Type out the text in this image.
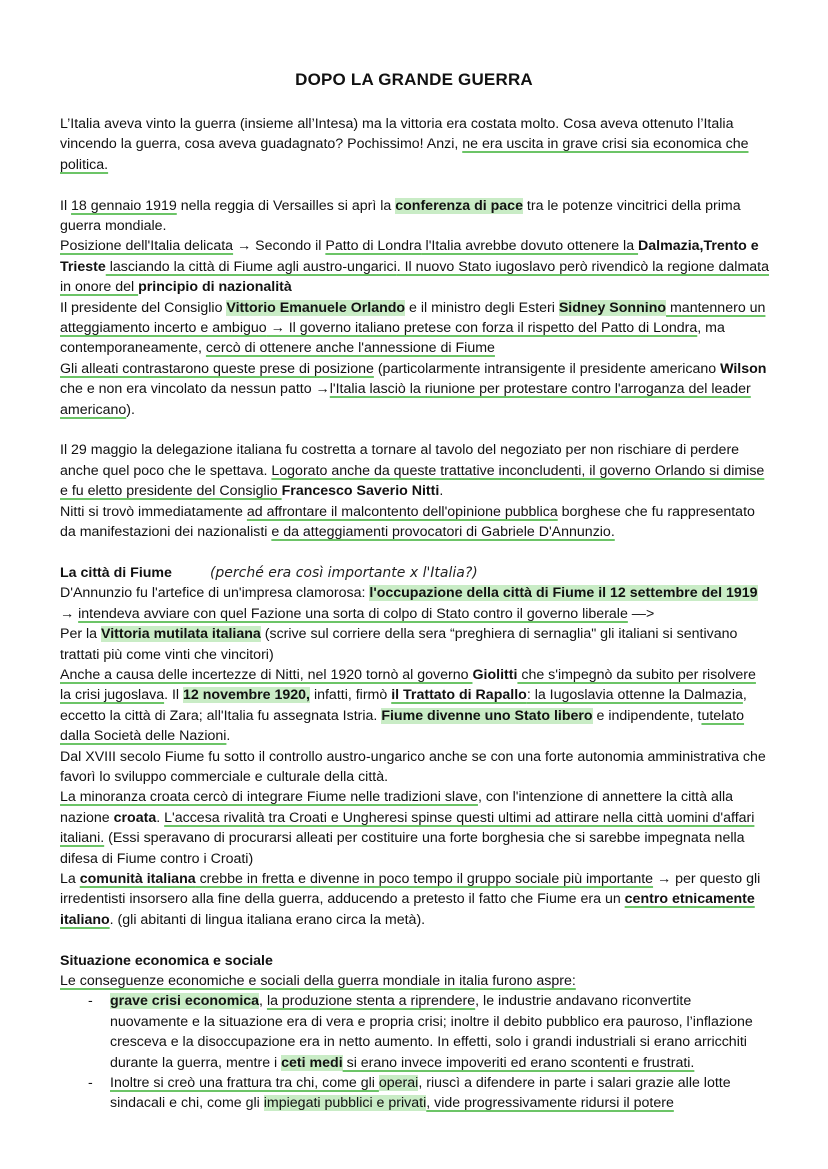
DOPO LA GRANDE GUERRA

L’Italia aveva vinto la guerra (insieme all’Intesa) ma la vittoria era costata molto. Cosa aveva ottenuto l’Italia vincendo la guerra, cosa aveva guadagnato? Pochissimo! Anzi, ne era uscita in grave crisi sia economica che politica.

Il 18 gennaio 1919 nella reggia di Versailles si aprì la conferenza di pace tra le potenze vincitrici della prima guerra mondiale.

Posizione dell'Italia delicata → Secondo il Patto di Londra l'Italia avrebbe dovuto ottenere la Dalmazia,Trento e Trieste lasciando la città di Fiume agli austro-ungarici. Il nuovo Stato iugoslavo però rivendicò la regione dalmata in onore del principio di nazionalità

Il presidente del Consiglio Vittorio Emanuele Orlando e il ministro degli Esteri Sidney Sonnino mantennero un atteggiamento incerto e ambiguo → Il governo italiano pretese con forza il rispetto del Patto di Londra, ma contemporaneamente, cercò di ottenere anche l'annessione di Fiume

Gli alleati contrastarono queste prese di posizione (particolarmente intransigente il presidente americano Wilson che e non era vincolato da nessun patto →l'Italia lasciò la riunione per protestare contro l'arroganza del leader americano).

Il 29 maggio la delegazione italiana fu costretta a tornare al tavolo del negoziato per non rischiare di perdere anche quel poco che le spettava. Logorato anche da queste trattative inconcludenti, il governo Orlando si dimise e fu eletto presidente del Consiglio Francesco Saverio Nitti.

Nitti si trovò immediatamente ad affrontare il malcontento dell'opinione pubblica borghese che fu rappresentato da manifestazioni dei nazionalisti e da atteggiamenti provocatori di Gabriele D'Annunzio.

La città di Fiume	(perché era così importante x l'Italia?)

D'Annunzio fu l'artefice di un'impresa clamorosa: l'occupazione della città di Fiume il 12 settembre del 1919 → intendeva avviare con quel Fazione una sorta di colpo di Stato contro il governo liberale —>

Per la Vittoria mutilata italiana (scrive sul corriere della sera “preghiera di sernaglia" gli italiani si sentivano trattati più come vinti che vincitori)

Anche a causa delle incertezze di Nitti, nel 1920 tornò al governo Giolitti che s'impegnò da subito per risolvere la crisi jugoslava. Il 12 novembre 1920, infatti, firmò il Trattato di Rapallo: la Iugoslavia ottenne la Dalmazia, eccetto la città di Zara; all'Italia fu assegnata Istria. Fiume divenne uno Stato libero e indipendente, tutelato dalla Società delle Nazioni.

Dal XVIII secolo Fiume fu sotto il controllo austro-ungarico anche se con una forte autonomia amministrativa che favorì lo sviluppo commerciale e culturale della città.

La minoranza croata cercò di integrare Fiume nelle tradizioni slave, con l'intenzione di annettere la città alla nazione croata. L'accesa rivalità tra Croati e Ungheresi spinse questi ultimi ad attirare nella città uomini d'affari italiani. (Essi speravano di procurarsi alleati per costituire una forte borghesia che si sarebbe impegnata nella difesa di Fiume contro i Croati)

La comunità italiana crebbe in fretta e divenne in poco tempo il gruppo sociale più importante → per questo gli irredentisti insorsero alla fine della guerra, adducendo a pretesto il fatto che Fiume era un centro etnicamente italiano. (gli abitanti di lingua italiana erano circa la metà).

Situazione economica e sociale

Le conseguenze economiche e sociali della guerra mondiale in italia furono aspre:

- grave crisi economica, la produzione stenta a riprendere, le industrie andavano riconvertite nuovamente e la situazione era di vera e propria crisi; inoltre il debito pubblico era pauroso, l’inflazione cresceva e la disoccupazione era in netto aumento. In effetti, solo i grandi industriali si erano arricchiti durante la guerra, mentre i ceti medi si erano invece impoveriti ed erano scontenti e frustrati.
- Inoltre si creò una frattura tra chi, come gli operai, riuscì a difendere in parte i salari grazie alle lotte sindacali e chi, come gli impiegati pubblici e privati, vide progressivamente ridursi il potere
